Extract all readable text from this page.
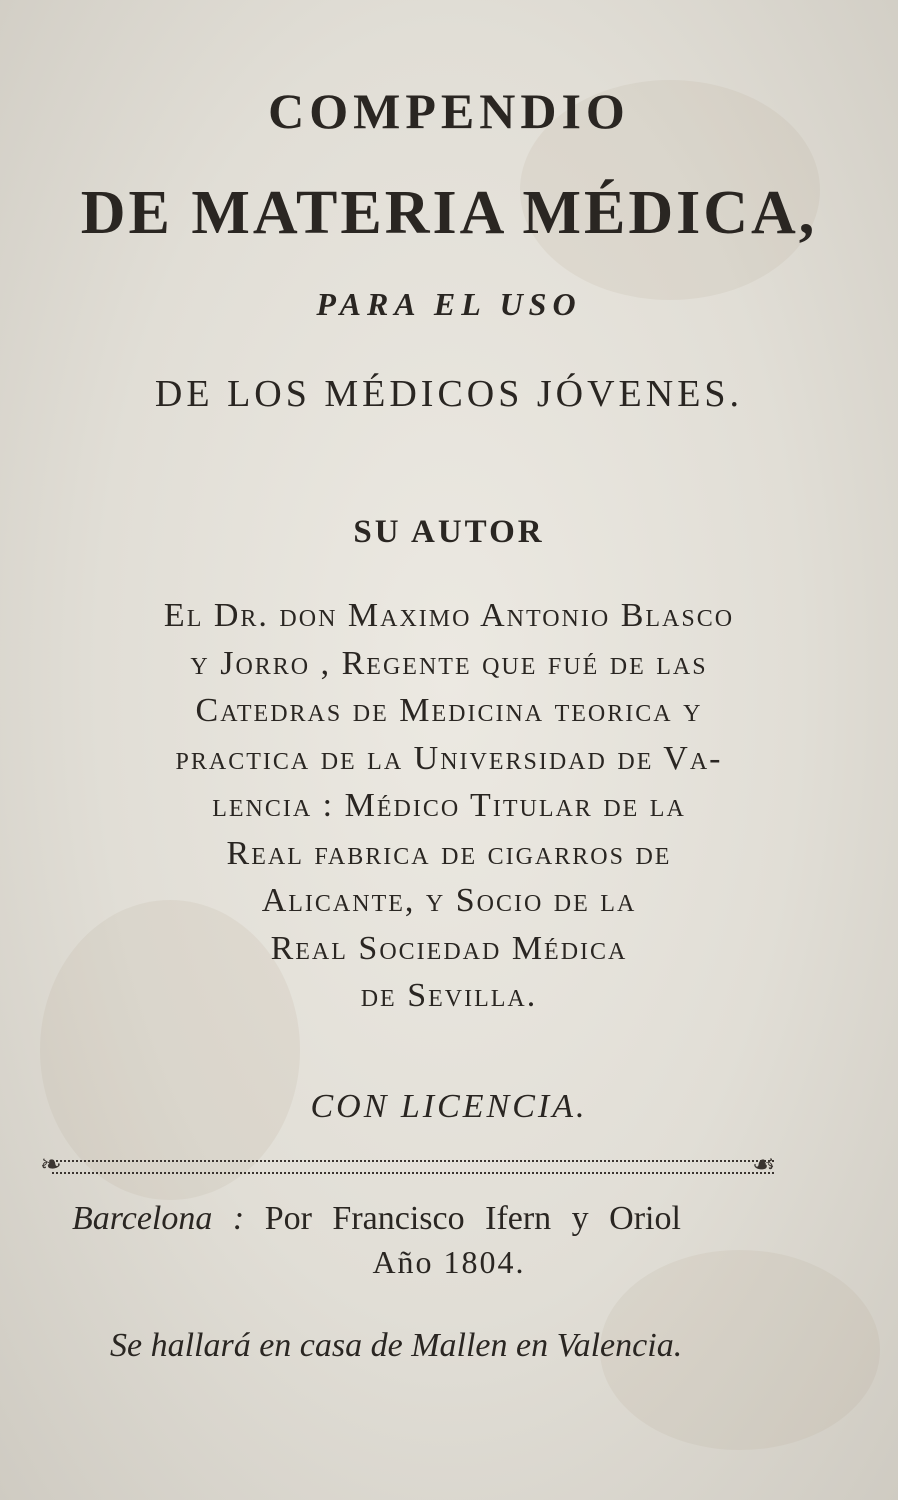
COMPENDIO

DE MATERIA MÉDICA,

PARA EL USO

DE LOS MÉDICOS JÓVENES.

SU AUTOR

El Dr. don Maximo Antonio Blasco
y Jorro , Regente que fué de las
Catedras de Medicina teorica y
practica de la Universidad de Va-
lencia : Médico Titular de la
Real fabrica de cigarros de
Alicante, y Socio de la
Real Sociedad Médica
de Sevilla.

CON LICENCIA.

❧	☙
Barcelona : Por Francisco Ifern y Oriol

Año 1804.

Se hallará en casa de Mallen en Valencia.
